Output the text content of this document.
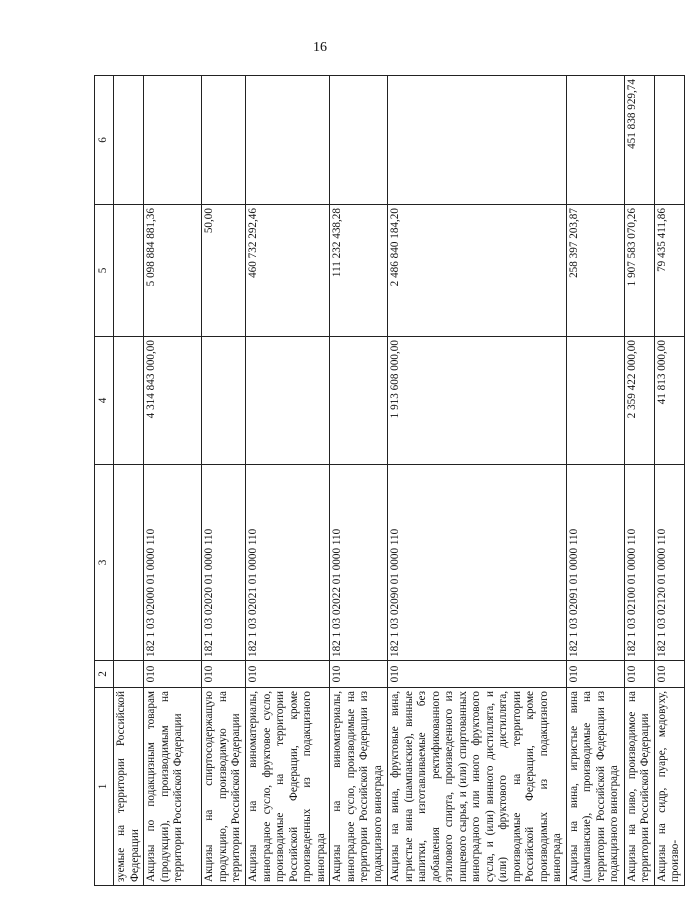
16
1	2	3	4	5	6
зуемые на территории Российской Федерации					
Акцизы по подакцизным товарам (продукции), производимым на территории Российской Федерации	010	182 1 03 02000 01 0000 110	4 314 843 000,00	5 098 884 881,36	
Акцизы на спиртосодержащую продукцию, производимую на территории Российской Федерации	010	182 1 03 02020 01 0000 110		50,00	
Акцизы на виноматериалы, виноградное сусло, фруктовое сусло, производимые на территории Российской Федерации, кроме произведенных из подакцизного винограда	010	182 1 03 02021 01 0000 110		460 732 292,46	
Акцизы на виноматериалы, виноградное сусло, производимые на территории Российской Федерации из подакцизного винограда	010	182 1 03 02022 01 0000 110		111 232 438,28	
Акцизы на вина, фруктовые вина, игристые вина (шампанские), винные напитки, изготавливаемые без добавления ректификованного этилового спирта, произведенного из пищевого сырья, и (или) спиртованных виноградного или иного фруктового сусла, и (или) винного дистиллята, и (или) фруктового дистиллята, производимые на территории Российской Федерации, кроме производимых из подакцизного винограда	010	182 1 03 02090 01 0000 110	1 913 608 000,00	2 486 840 184,20	
Акцизы на вина, игристые вина (шампанские), производимые на территории Российской Федерации из подакцизного винограда	010	182 1 03 02091 01 0000 110		258 397 203,87	
Акцизы на пиво, производимое на территории Российской Федерации	010	182 1 03 02100 01 0000 110	2 359 422 000,00	1 907 583 070,26	451 838 929,74
Акцизы на сидр, пуаре, медовуху, произво-	010	182 1 03 02120 01 0000 110	41 813 000,00	79 435 411,86	
